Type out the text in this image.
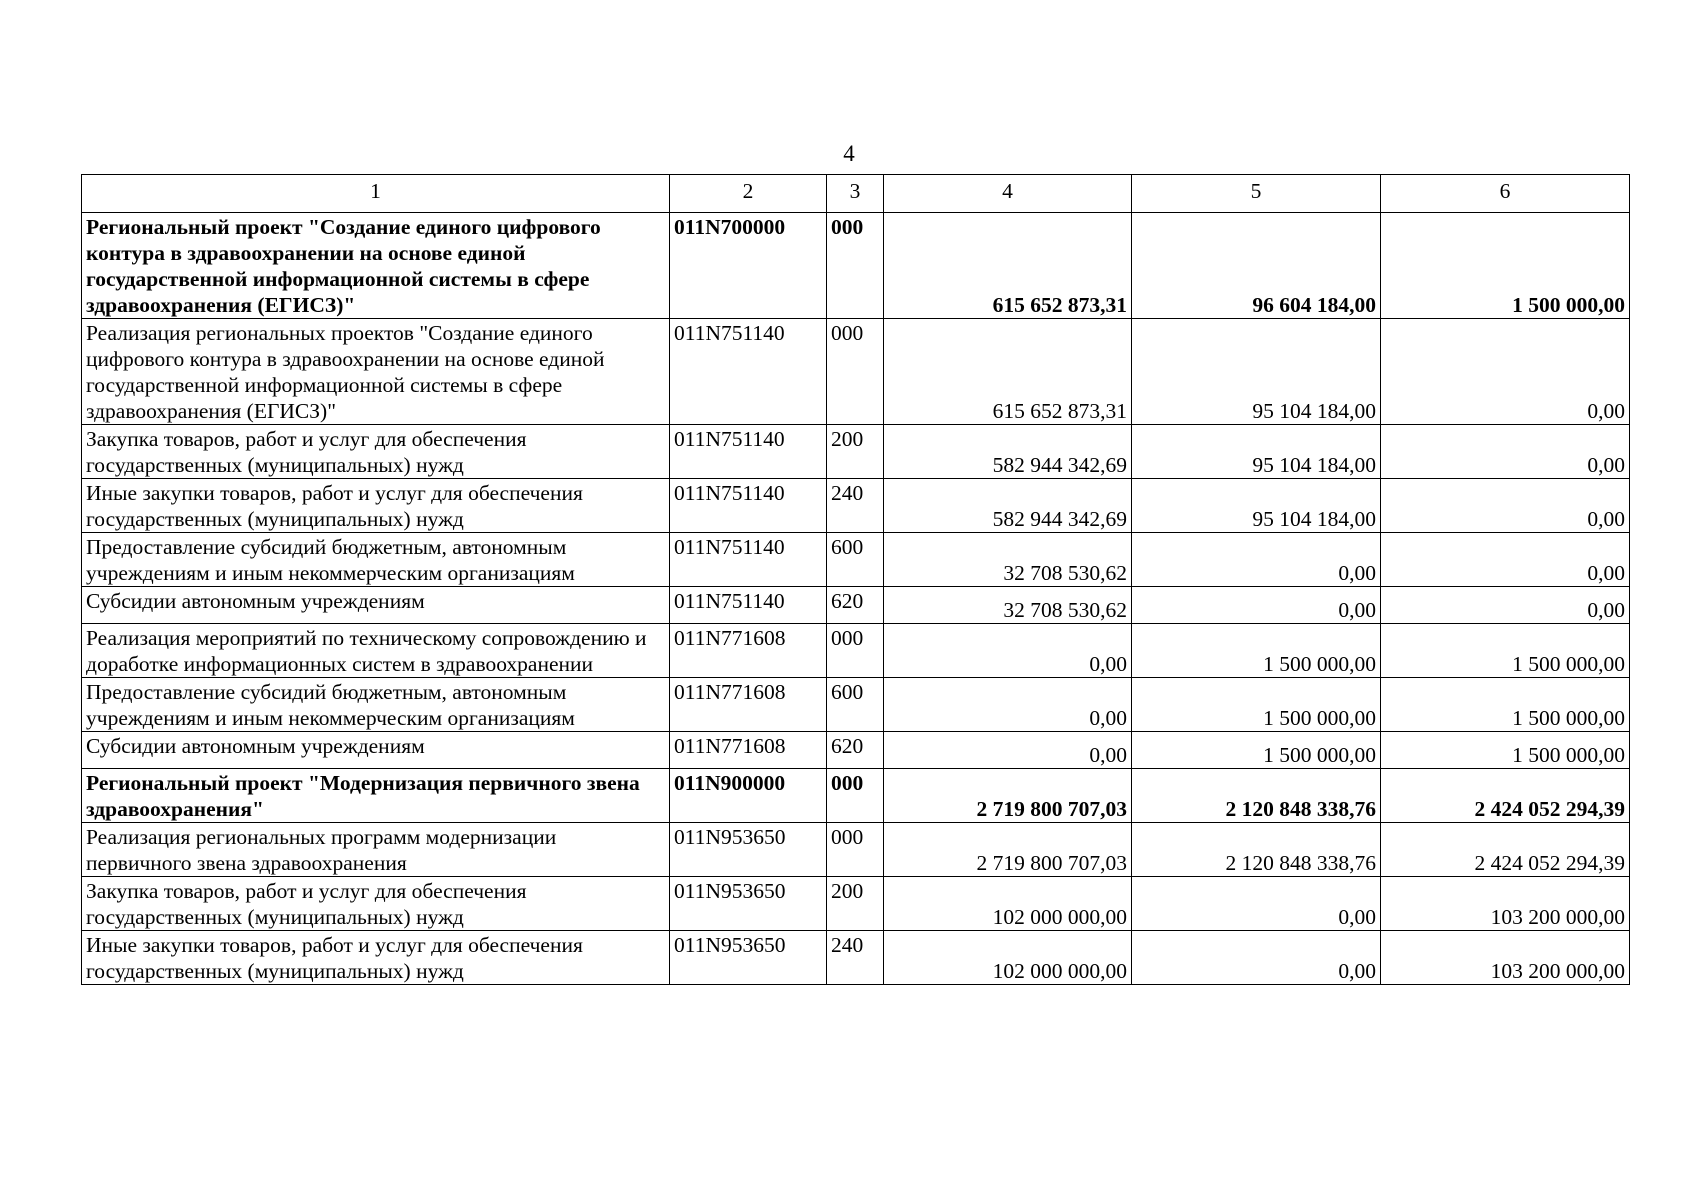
4
1	2	3	4	5	6
Региональный проект "Создание единого цифрового контура в здравоохранении на основе единой государственной информационной системы в сфере здравоохранения (ЕГИСЗ)"	011N700000	000	615 652 873,31	96 604 184,00	1 500 000,00
Реализация региональных проектов "Создание единого цифрового контура в здравоохранении на основе единой государственной информационной системы в сфере здравоохранения (ЕГИСЗ)"	011N751140	000	615 652 873,31	95 104 184,00	0,00
Закупка товаров, работ и услуг для обеспечения государственных (муниципальных) нужд	011N751140	200	582 944 342,69	95 104 184,00	0,00
Иные закупки товаров, работ и услуг для обеспечения государственных (муниципальных) нужд	011N751140	240	582 944 342,69	95 104 184,00	0,00
Предоставление субсидий бюджетным, автономным учреждениям и иным некоммерческим организациям	011N751140	600	32 708 530,62	0,00	0,00
Субсидии автономным учреждениям	011N751140	620	32 708 530,62	0,00	0,00
Реализация мероприятий по техническому сопровождению и доработке информационных систем в здравоохранении	011N771608	000	0,00	1 500 000,00	1 500 000,00
Предоставление субсидий бюджетным, автономным учреждениям и иным некоммерческим организациям	011N771608	600	0,00	1 500 000,00	1 500 000,00
Субсидии автономным учреждениям	011N771608	620	0,00	1 500 000,00	1 500 000,00
Региональный проект "Модернизация первичного звена здравоохранения"	011N900000	000	2 719 800 707,03	2 120 848 338,76	2 424 052 294,39
Реализация региональных программ модернизации первичного звена здравоохранения	011N953650	000	2 719 800 707,03	2 120 848 338,76	2 424 052 294,39
Закупка товаров, работ и услуг для обеспечения государственных (муниципальных) нужд	011N953650	200	102 000 000,00	0,00	103 200 000,00
Иные закупки товаров, работ и услуг для обеспечения государственных (муниципальных) нужд	011N953650	240	102 000 000,00	0,00	103 200 000,00
